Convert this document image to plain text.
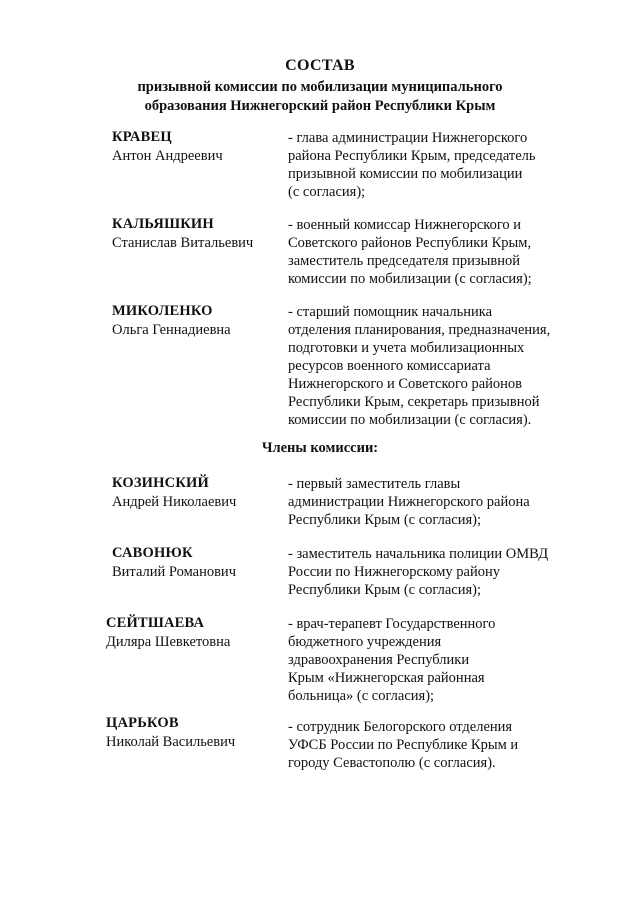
СОСТАВ
призывной комиссии по мобилизации муниципального
образования Нижнегорский район Республики Крым
КРАВЕЦ
Антон Андреевич
- глава администрации Нижнегорского
района Республики Крым, председатель
призывной комиссии по мобилизации
(с согласия);
КАЛЬЯШКИН
Станислав Витальевич
- военный комиссар Нижнегорского и
Советского районов Республики Крым,
заместитель председателя призывной
комиссии по мобилизации (с согласия);
МИКОЛЕНКО
Ольга Геннадиевна
- старший помощник начальника
отделения планирования, предназначения,
подготовки и учета мобилизационных
ресурсов военного комиссариата
Нижнегорского и Советского районов
Республики Крым, секретарь призывной
комиссии по мобилизации (с согласия).
Члены комиссии:
КОЗИНСКИЙ
Андрей Николаевич
- первый заместитель главы
администрации Нижнегорского района
Республики Крым (с согласия);
САВОНЮК
Виталий Романович
- заместитель начальника полиции ОМВД
России по Нижнегорскому району
Республики Крым (с согласия);
СЕЙТШАЕВА
Диляра Шевкетовна
- врач-терапевт Государственного
бюджетного учреждения
здравоохранения Республики
Крым «Нижнегорская районная
больница» (с согласия);
ЦАРЬКОВ
Николай Васильевич
- сотрудник Белогорского отделения
УФСБ России по Республике Крым и
городу Севастополю (с согласия).
